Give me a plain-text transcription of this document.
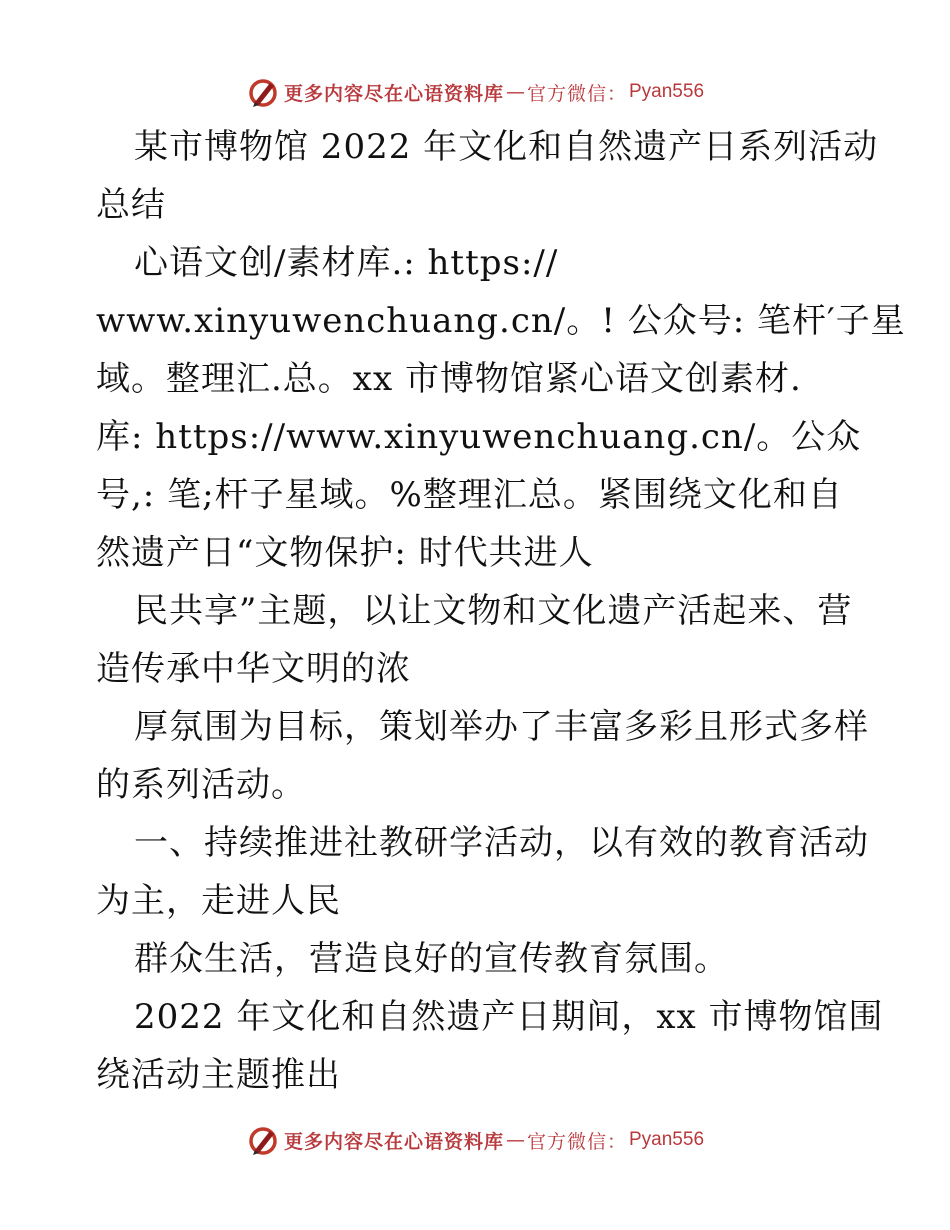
更多内容尽在心语资料库 — 官方微信： Pyan556
某市博物馆 2022 年文化和自然遗产日系列活动
总结
心语文创/素材库.: https://
www.xinyuwenchuang.cn/。! 公众号: 笔杆′子星
域。整理汇.总。xx 市博物馆紧心语文创素材.
库: https://www.xinyuwenchuang.cn/。公众
号,: 笔;杆子星域。%整理汇总。紧围绕文化和自
然遗产日“文物保护: 时代共进人
民共享”主题，以让文物和文化遗产活起来、营
造传承中华文明的浓
厚氛围为目标，策划举办了丰富多彩且形式多样
的系列活动。
一、持续推进社教研学活动，以有效的教育活动
为主，走进人民
群众生活，营造良好的宣传教育氛围。
2022 年文化和自然遗产日期间，xx 市博物馆围
绕活动主题推出
更多内容尽在心语资料库 — 官方微信： Pyan556
